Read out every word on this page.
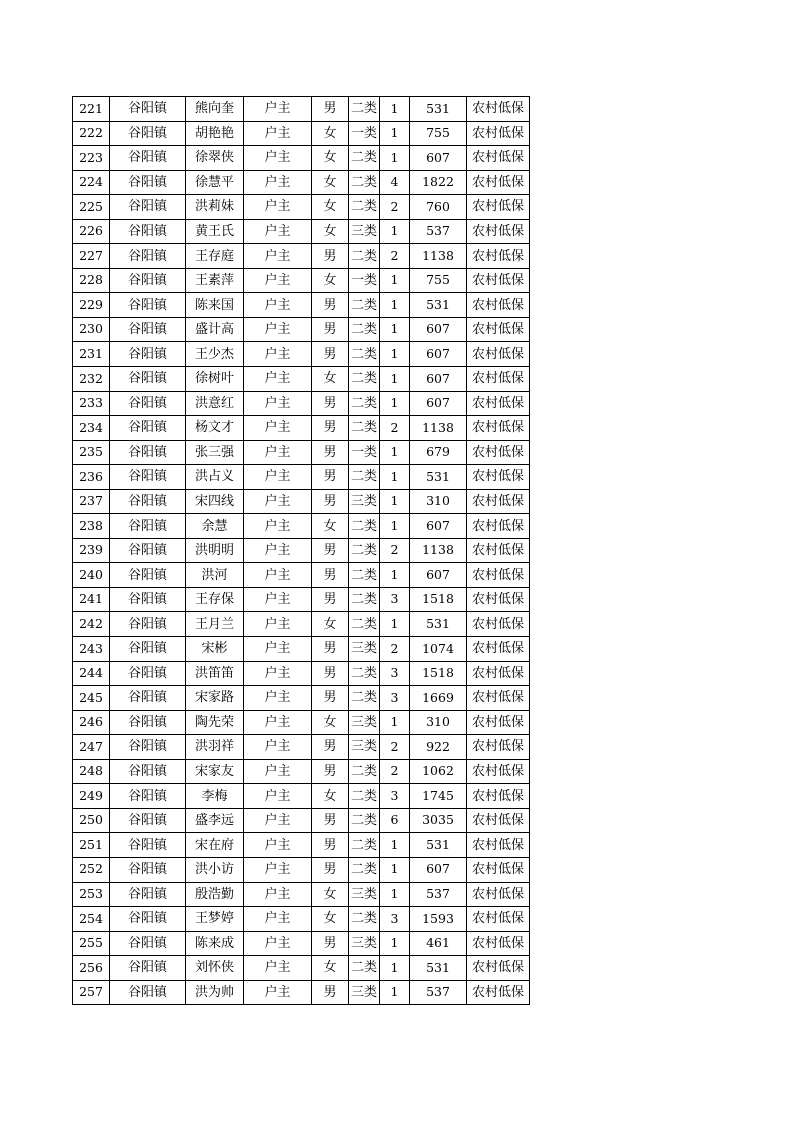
221	谷阳镇	熊向奎	户主	男	二类	1	531	农村低保
222	谷阳镇	胡艳艳	户主	女	一类	1	755	农村低保
223	谷阳镇	徐翠侠	户主	女	二类	1	607	农村低保
224	谷阳镇	徐慧平	户主	女	二类	4	1822	农村低保
225	谷阳镇	洪莉妹	户主	女	二类	2	760	农村低保
226	谷阳镇	黄王氏	户主	女	三类	1	537	农村低保
227	谷阳镇	王存庭	户主	男	二类	2	1138	农村低保
228	谷阳镇	王素萍	户主	女	一类	1	755	农村低保
229	谷阳镇	陈来国	户主	男	二类	1	531	农村低保
230	谷阳镇	盛计高	户主	男	二类	1	607	农村低保
231	谷阳镇	王少杰	户主	男	二类	1	607	农村低保
232	谷阳镇	徐树叶	户主	女	二类	1	607	农村低保
233	谷阳镇	洪意红	户主	男	二类	1	607	农村低保
234	谷阳镇	杨文才	户主	男	二类	2	1138	农村低保
235	谷阳镇	张三强	户主	男	一类	1	679	农村低保
236	谷阳镇	洪占义	户主	男	二类	1	531	农村低保
237	谷阳镇	宋四线	户主	男	三类	1	310	农村低保
238	谷阳镇	余慧	户主	女	二类	1	607	农村低保
239	谷阳镇	洪明明	户主	男	二类	2	1138	农村低保
240	谷阳镇	洪河	户主	男	二类	1	607	农村低保
241	谷阳镇	王存保	户主	男	二类	3	1518	农村低保
242	谷阳镇	王月兰	户主	女	二类	1	531	农村低保
243	谷阳镇	宋彬	户主	男	三类	2	1074	农村低保
244	谷阳镇	洪笛笛	户主	男	二类	3	1518	农村低保
245	谷阳镇	宋家路	户主	男	二类	3	1669	农村低保
246	谷阳镇	陶先荣	户主	女	三类	1	310	农村低保
247	谷阳镇	洪羽祥	户主	男	三类	2	922	农村低保
248	谷阳镇	宋家友	户主	男	二类	2	1062	农村低保
249	谷阳镇	李梅	户主	女	二类	3	1745	农村低保
250	谷阳镇	盛李远	户主	男	二类	6	3035	农村低保
251	谷阳镇	宋在府	户主	男	二类	1	531	农村低保
252	谷阳镇	洪小访	户主	男	二类	1	607	农村低保
253	谷阳镇	殷浩勤	户主	女	三类	1	537	农村低保
254	谷阳镇	王梦婷	户主	女	二类	3	1593	农村低保
255	谷阳镇	陈来成	户主	男	三类	1	461	农村低保
256	谷阳镇	刘怀侠	户主	女	二类	1	531	农村低保
257	谷阳镇	洪为帅	户主	男	三类	1	537	农村低保
